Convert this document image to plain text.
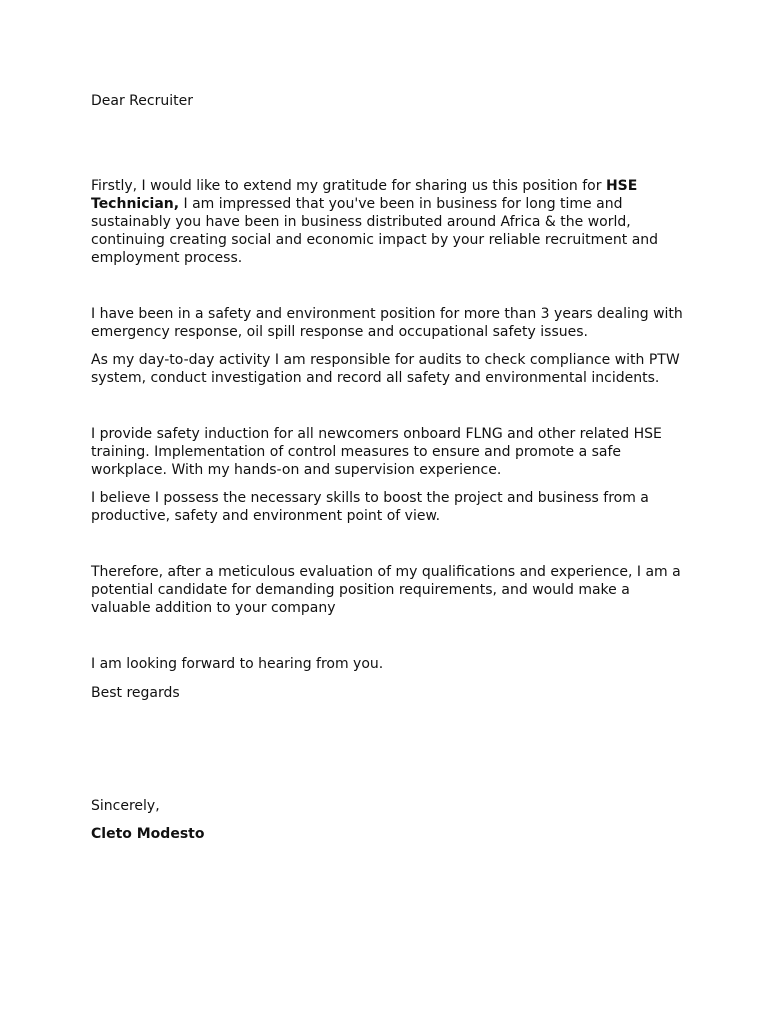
Dear Recruiter

Firstly, I would like to extend my gratitude for sharing us this position for HSE Technician, I am impressed that you've been in business for long time and sustainably you have been in business distributed around Africa & the world, continuing creating social and economic impact by your reliable recruitment and employment process.

I have been in a safety and environment position for more than 3 years dealing with emergency response, oil spill response and occupational safety issues.

As my day-to-day activity I am responsible for audits to check compliance with PTW system, conduct investigation and record all safety and environmental incidents.

I provide safety induction for all newcomers onboard FLNG and other related HSE training. Implementation of control measures to ensure and promote a safe workplace. With my hands-on and supervision experience.

I believe I possess the necessary skills to boost the project and business from a productive, safety and environment point of view.

Therefore, after a meticulous evaluation of my qualifications and experience, I am a potential candidate for demanding position requirements, and would make a valuable addition to your company

I am looking forward to hearing from you.

Best regards

Sincerely,

Cleto Modesto
